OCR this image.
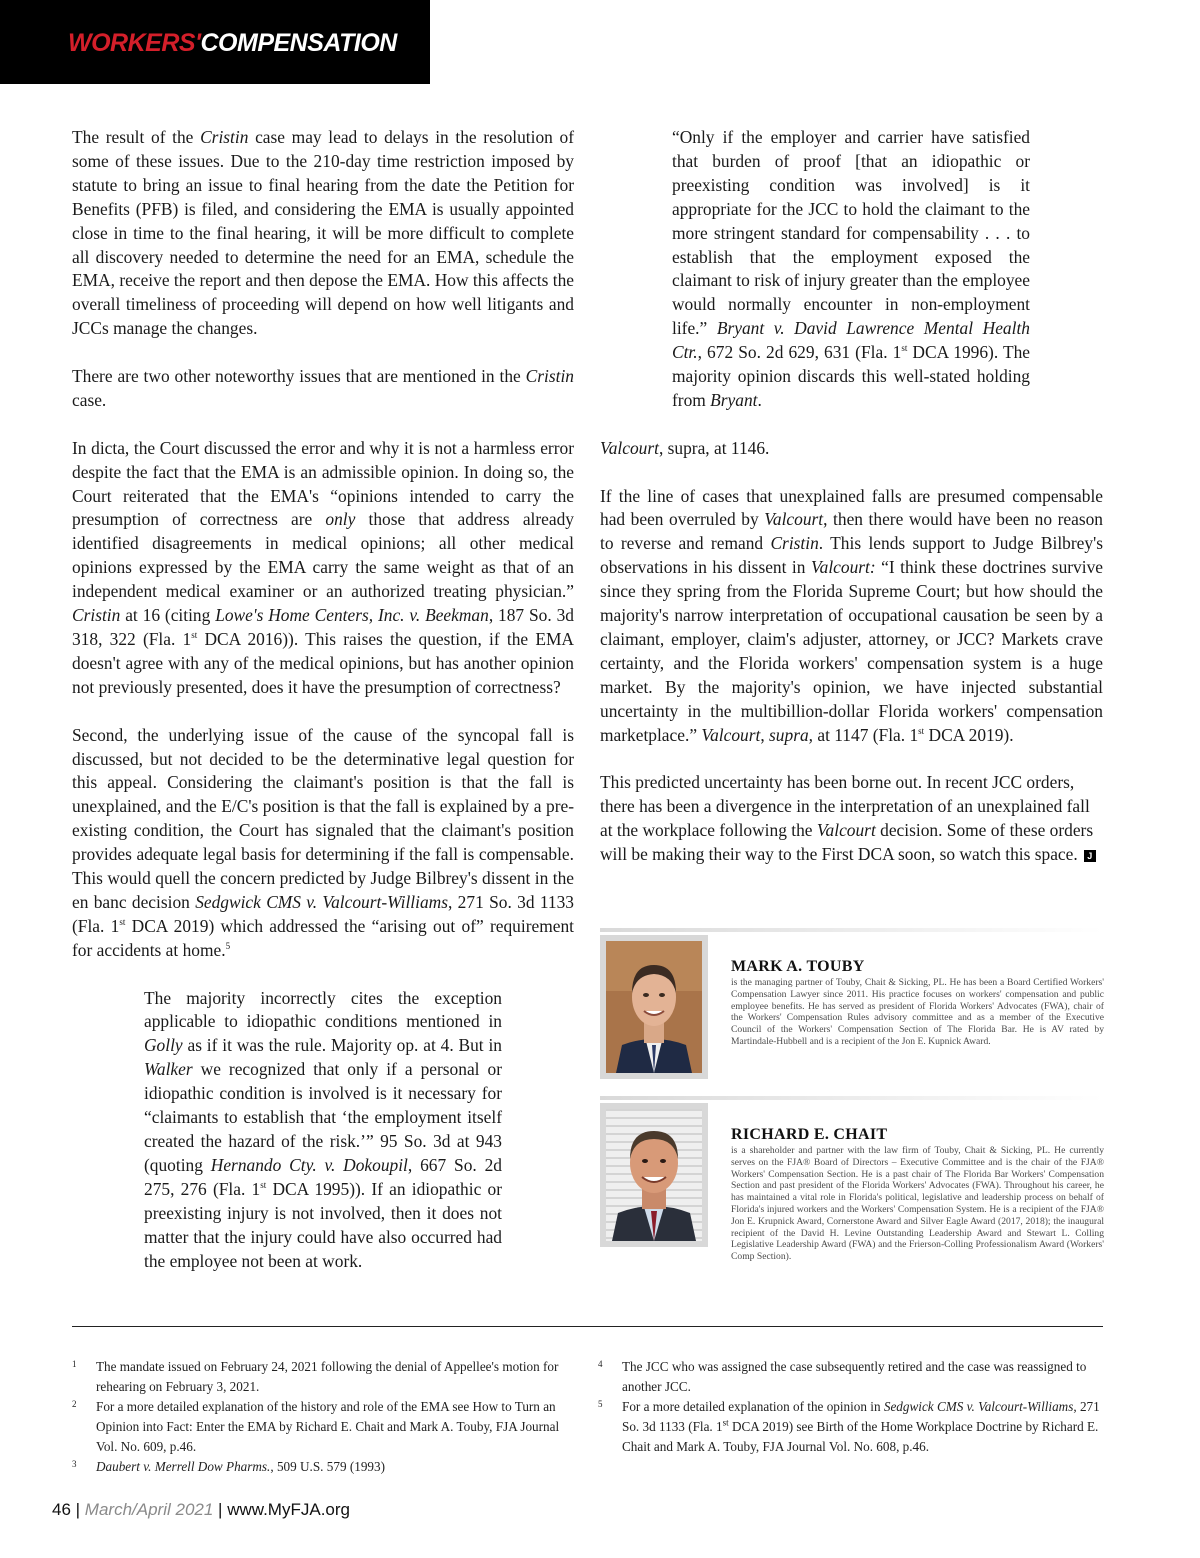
WORKERS'COMPENSATION

The result of the Cristin case may lead to delays in the resolution of some of these issues. Due to the 210-day time restriction imposed by statute to bring an issue to final hearing from the date the Petition for Benefits (PFB) is filed, and considering the EMA is usually appointed close in time to the final hearing, it will be more difficult to complete all discovery needed to determine the need for an EMA, schedule the EMA, receive the report and then depose the EMA. How this affects the overall timeliness of proceeding will depend on how well litigants and JCCs manage the changes.

There are two other noteworthy issues that are mentioned in the Cristin case.

In dicta, the Court discussed the error and why it is not a harmless error despite the fact that the EMA is an admissible opinion. In doing so, the Court reiterated that the EMA's “opinions intended to carry the presumption of correctness are only those that address already identified disagreements in medical opinions; all other medical opinions expressed by the EMA carry the same weight as that of an independent medical examiner or an authorized treating physician.” Cristin at 16 (citing Lowe's Home Centers, Inc. v. Beekman, 187 So. 3d 318, 322 (Fla. 1st DCA 2016)). This raises the question, if the EMA doesn't agree with any of the medical opinions, but has another opinion not previously presented, does it have the presumption of correctness?

Second, the underlying issue of the cause of the syncopal fall is discussed, but not decided to be the determinative legal question for this appeal. Considering the claimant's position is that the fall is unexplained, and the E/C's position is that the fall is explained by a pre-existing condition, the Court has signaled that the claimant's position provides adequate legal basis for determining if the fall is compensable. This would quell the concern predicted by Judge Bilbrey's dissent in the en banc decision Sedgwick CMS v. Valcourt-Williams, 271 So. 3d 1133 (Fla. 1st DCA 2019) which addressed the “arising out of” requirement for accidents at home.$^5$

The majority incorrectly cites the exception applicable to idiopathic conditions mentioned in Golly as if it was the rule. Majority op. at 4. But in Walker we recognized that only if a personal or idiopathic condition is involved is it necessary for “claimants to establish that ‘the employment itself created the hazard of the risk.’” 95 So. 3d at 943 (quoting Hernando Cty. v. Dokoupil, 667 So. 2d 275, 276 (Fla. 1st DCA 1995)). If an idiopathic or preexisting injury is not involved, then it does not matter that the injury could have also occurred had the employee not been at work.

“Only if the employer and carrier have satisfied that burden of proof [that an idiopathic or preexisting condition was involved] is it appropriate for the JCC to hold the claimant to the more stringent standard for compensability . . . to establish that the employment exposed the claimant to risk of injury greater than the employee would normally encounter in non-employment life.” Bryant v. David Lawrence Mental Health Ctr., 672 So. 2d 629, 631 (Fla. 1st DCA 1996). The majority opinion discards this well-stated holding from Bryant.

Valcourt, supra, at 1146.

If the line of cases that unexplained falls are presumed compensable had been overruled by Valcourt, then there would have been no reason to reverse and remand Cristin. This lends support to Judge Bilbrey's observations in his dissent in Valcourt: “I think these doctrines survive since they spring from the Florida Supreme Court; but how should the majority's narrow interpretation of occupational causation be seen by a claimant, employer, claim's adjuster, attorney, or JCC? Markets crave certainty, and the Florida workers' compensation system is a huge market. By the majority's opinion, we have injected substantial uncertainty in the multibillion-dollar Florida workers' compensation marketplace.” Valcourt, supra, at 1147 (Fla. 1st DCA 2019).

This predicted uncertainty has been borne out. In recent JCC orders, there has been a divergence in the interpretation of an unexplained fall at the workplace following the Valcourt decision. Some of these orders will be making their way to the First DCA soon, so watch this space. J

MARK A. TOUBY
is the managing partner of Touby, Chait & Sicking, PL. He has been a Board Certified Workers' Compensation Lawyer since 2011. His practice focuses on workers' compensation and public employee benefits. He has served as president of Florida Workers' Advocates (FWA), chair of the Workers' Compensation Rules advisory committee and as a member of the Executive Council of the Workers' Compensation Section of The Florida Bar. He is AV rated by Martindale-Hubbell and is a recipient of the Jon E. Kupnick Award.
RICHARD E. CHAIT
is a shareholder and partner with the law firm of Touby, Chait & Sicking, PL. He currently serves on the FJA® Board of Directors – Executive Committee and is the chair of the FJA® Workers' Compensation Section. He is a past chair of The Florida Bar Workers' Compensation Section and past president of the Florida Workers' Advocates (FWA). Throughout his career, he has maintained a vital role in Florida's political, legislative and leadership process on behalf of Florida's injured workers and the Workers' Compensation System. He is a recipient of the FJA® Jon E. Krupnick Award, Cornerstone Award and Silver Eagle Award (2017, 2018); the inaugural recipient of the David H. Levine Outstanding Leadership Award and Stewart L. Colling Legislative Leadership Award (FWA) and the Frierson-Colling Professionalism Award (Workers' Comp Section).
1 The mandate issued on February 24, 2021 following the denial of Appellee's motion for rehearing on February 3, 2021.
2 For a more detailed explanation of the history and role of the EMA see How to Turn an Opinion into Fact: Enter the EMA by Richard E. Chait and Mark A. Touby, FJA Journal Vol. No. 609, p.46.
3 Daubert v. Merrell Dow Pharms., 509 U.S. 579 (1993)
4 The JCC who was assigned the case subsequently retired and the case was reassigned to another JCC.
5 For a more detailed explanation of the opinion in Sedgwick CMS v. Valcourt-Williams, 271 So. 3d 1133 (Fla. 1st DCA 2019) see Birth of the Home Workplace Doctrine by Richard E. Chait and Mark A. Touby, FJA Journal Vol. No. 608, p.46.
46 | March/April 2021 | www.MyFJA.org
